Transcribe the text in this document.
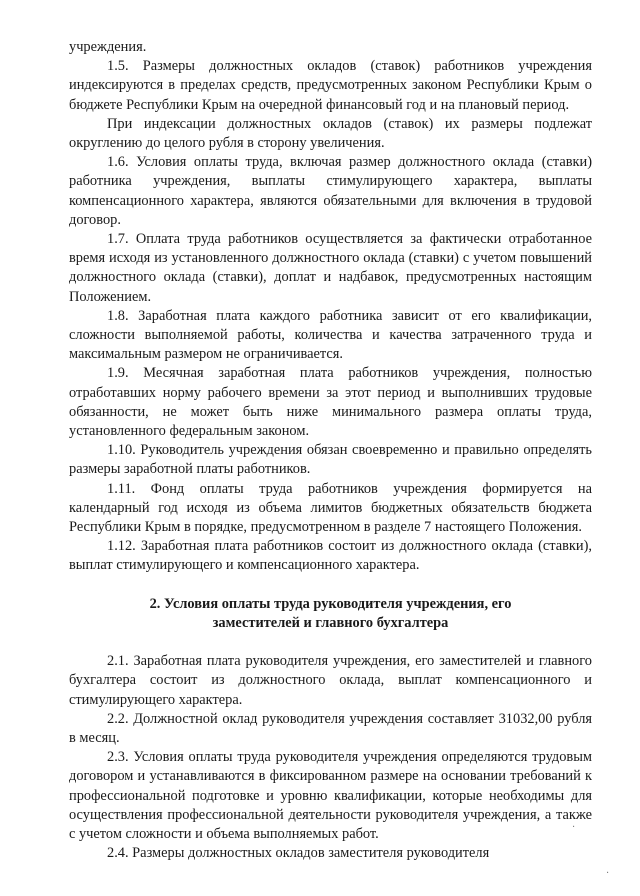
учреждения.

1.5. Размеры должностных окладов (ставок) работников учреждения индексируются в пределах средств, предусмотренных законом Республики Крым о бюджете Республики Крым на очередной финансовый год и на плановый период.

При индексации должностных окладов (ставок) их размеры подлежат округлению до целого рубля в сторону увеличения.

1.6. Условия оплаты труда, включая размер должностного оклада (ставки) работника учреждения, выплаты стимулирующего характера, выплаты компенсационного характера, являются обязательными для включения в трудовой договор.

1.7. Оплата труда работников осуществляется за фактически отработанное время исходя из установленного должностного оклада (ставки) с учетом повышений должностного оклада (ставки), доплат и надбавок, предусмотренных настоящим Положением.

1.8. Заработная плата каждого работника зависит от его квалификации, сложности выполняемой работы, количества и качества затраченного труда и максимальным размером не ограничивается.

1.9. Месячная заработная плата работников учреждения, полностью отработавших норму рабочего времени за этот период и выполнивших трудовые обязанности, не может быть ниже минимального размера оплаты труда, установленного федеральным законом.

1.10. Руководитель учреждения обязан своевременно и правильно определять размеры заработной платы работников.

1.11. Фонд оплаты труда работников учреждения формируется на календарный год исходя из объема лимитов бюджетных обязательств бюджета Республики Крым в порядке, предусмотренном в разделе 7 настоящего Положения.

1.12. Заработная плата работников состоит из должностного оклада (ставки), выплат стимулирующего и компенсационного характера.

2. Условия оплаты труда руководителя учреждения, его
заместителей и главного бухгалтера

2.1. Заработная плата руководителя учреждения, его заместителей и главного бухгалтера состоит из должностного оклада, выплат компенсационного и стимулирующего характера.

2.2. Должностной оклад руководителя учреждения составляет 31032,00 рубля в месяц.

2.3. Условия оплаты труда руководителя учреждения определяются трудовым договором и устанавливаются в фиксированном размере на основании требований к профессиональной подготовке и уровню квалификации, которые необходимы для осуществления профессиональной деятельности руководителя учреждения, а также с учетом сложности и объема выполняемых работ.

2.4. Размеры должностных окладов заместителя руководителя

·
·
